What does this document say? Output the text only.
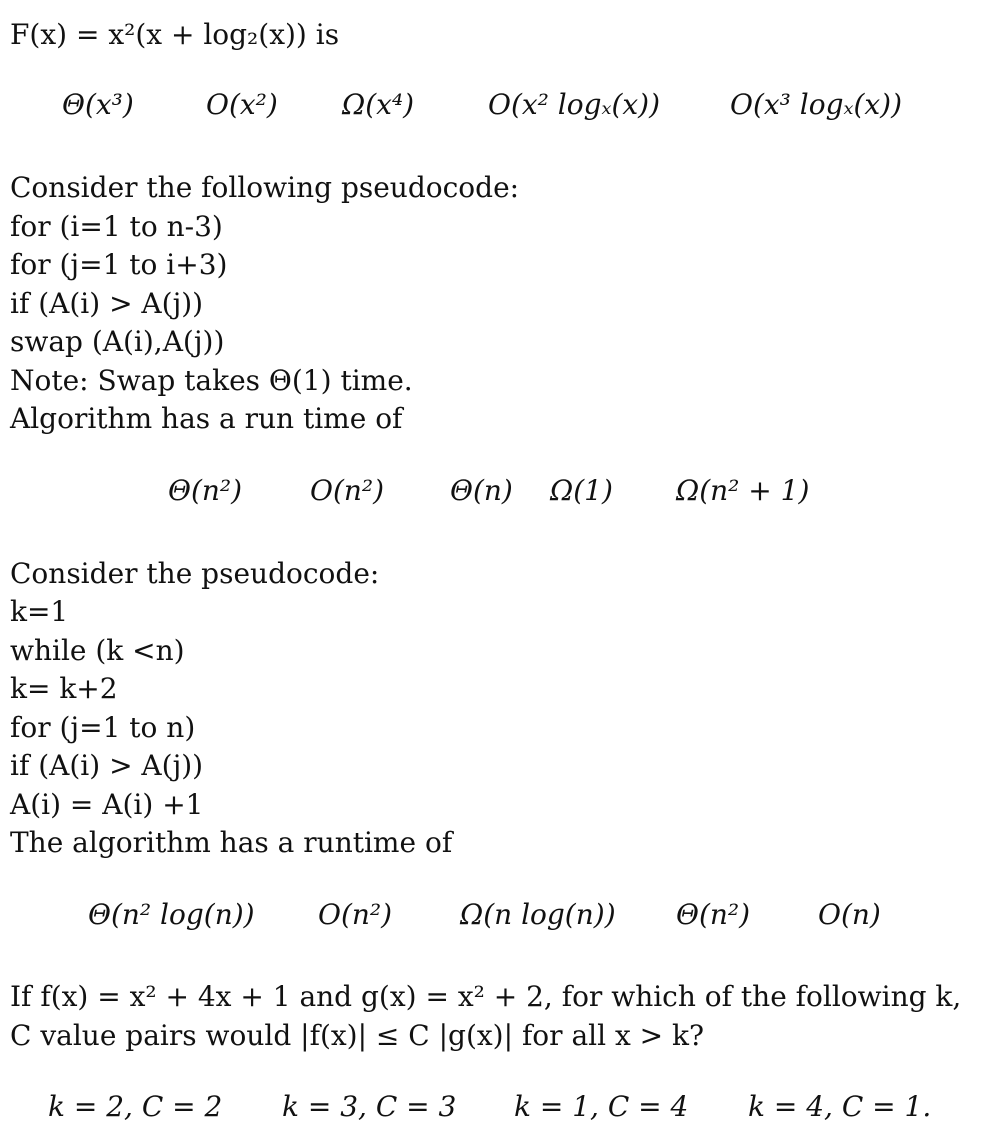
F(x) = x²(x + log₂(x)) is
Θ(x³)	O(x²) Ω(x⁴)	O(x² logₓ(x)) O(x³ logₓ(x))
Consider the following pseudocode:
for (i=1 to n-3)
for (j=1 to i+3)
if (A(i) > A(j))
swap (A(i),A(j))
Note: Swap takes Θ(1) time.
Algorithm has a run time of
Θ(n²) O(n²) Θ(n) Ω(1) Ω(n² + 1)
Consider the pseudocode:
k=1
while (k <n)
k= k+2
for (j=1 to n)
if (A(i) > A(j))
A(i) = A(i) +1
The algorithm has a runtime of
Θ(n² log(n)) O(n²) Ω(n log(n)) Θ(n²) O(n)
If f(x) = x² + 4x + 1 and g(x) = x² + 2, for which of the following k,
C value pairs would |f(x)| ≤ C |g(x)| for all x > k?
k = 2, C = 2 k = 3, C = 3 k = 1, C = 4 k = 4, C = 1.
